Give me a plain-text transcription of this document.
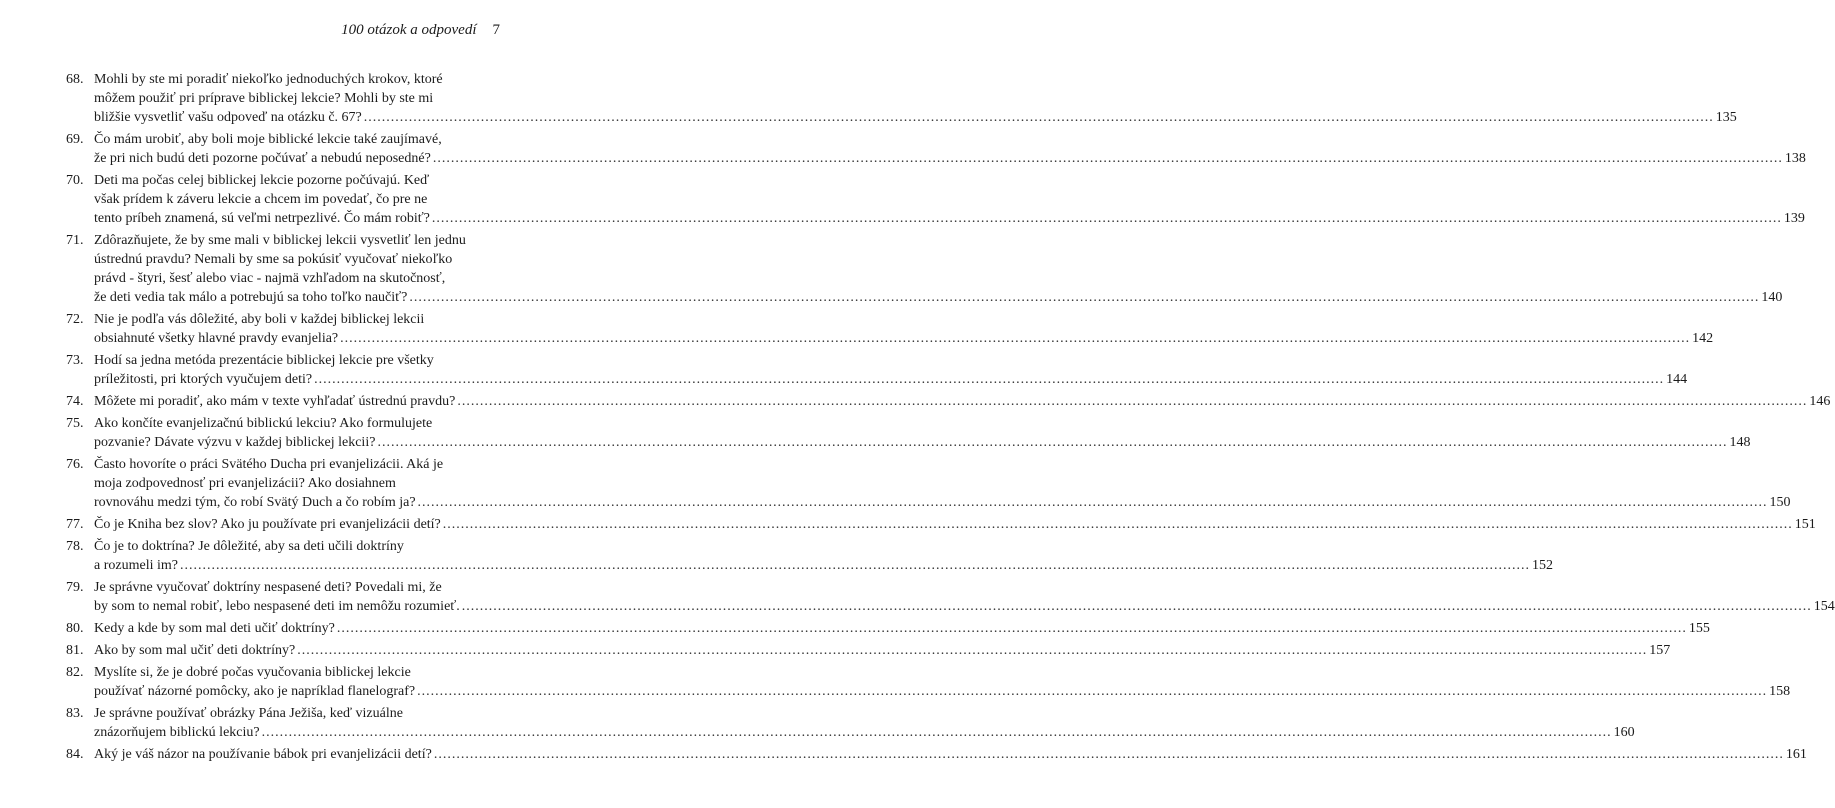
100 otázok a odpovedí 7
68. Mohli by ste mi poradiť niekoľko jednoduchých krokov, ktoré
môžem použiť pri príprave biblickej lekcie? Mohli by ste mi
bližšie vysvetliť vašu odpoveď na otázku č. 67? ............................................................................................................................................................................................................................................................................................................ 135
69. Čo mám urobiť, aby boli moje biblické lekcie také zaujímavé,
že pri nich budú deti pozorne počúvať a nebudú neposedné? ............................................................................................................................................................................................................................................................................................................ 138
70. Deti ma počas celej biblickej lekcie pozorne počúvajú. Keď
však prídem k záveru lekcie a chcem im povedať, čo pre ne
tento príbeh znamená, sú veľmi netrpezlivé. Čo mám robiť? ............................................................................................................................................................................................................................................................................................................ 139
71. Zdôrazňujete, že by sme mali v biblickej lekcii vysvetliť len jednu
ústrednú pravdu? Nemali by sme sa pokúsiť vyučovať niekoľko
právd - štyri, šesť alebo viac - najmä vzhľadom na skutočnosť,
že deti vedia tak málo a potrebujú sa toho toľko naučiť? ............................................................................................................................................................................................................................................................................................................ 140
72. Nie je podľa vás dôležité, aby boli v každej biblickej lekcii
obsiahnuté všetky hlavné pravdy evanjelia? ............................................................................................................................................................................................................................................................................................................ 142
73. Hodí sa jedna metóda prezentácie biblickej lekcie pre všetky
príležitosti, pri ktorých vyučujem deti? ............................................................................................................................................................................................................................................................................................................ 144
74. Môžete mi poradiť, ako mám v texte vyhľadať ústrednú pravdu? ............................................................................................................................................................................................................................................................................................................ 146
75. Ako končíte evanjelizačnú biblickú lekciu? Ako formulujete
pozvanie? Dávate výzvu v každej biblickej lekcii? ............................................................................................................................................................................................................................................................................................................ 148
76. Často hovoríte o práci Svätého Ducha pri evanjelizácii. Aká je
moja zodpovednosť pri evanjelizácii? Ako dosiahnem
rovnováhu medzi tým, čo robí Svätý Duch a čo robím ja? ............................................................................................................................................................................................................................................................................................................ 150
77. Čo je Kniha bez slov? Ako ju používate pri evanjelizácii detí? ............................................................................................................................................................................................................................................................................................................ 151
78. Čo je to doktrína? Je dôležité, aby sa deti učili doktríny
a rozumeli im? ............................................................................................................................................................................................................................................................................................................ 152
79. Je správne vyučovať doktríny nespasené deti? Povedali mi, že
by som to nemal robiť, lebo nespasené deti im nemôžu rozumieť. ............................................................................................................................................................................................................................................................................................................ 154
80. Kedy a kde by som mal deti učiť doktríny? ............................................................................................................................................................................................................................................................................................................ 155
81. Ako by som mal učiť deti doktríny? ............................................................................................................................................................................................................................................................................................................ 157
82. Myslíte si, že je dobré počas vyučovania biblickej lekcie
používať názorné pomôcky, ako je napríklad flanelograf? ............................................................................................................................................................................................................................................................................................................ 158
83. Je správne používať obrázky Pána Ježiša, keď vizuálne
znázorňujem biblickú lekciu? ............................................................................................................................................................................................................................................................................................................ 160
84. Aký je váš názor na používanie bábok pri evanjelizácii detí? ............................................................................................................................................................................................................................................................................................................ 161
